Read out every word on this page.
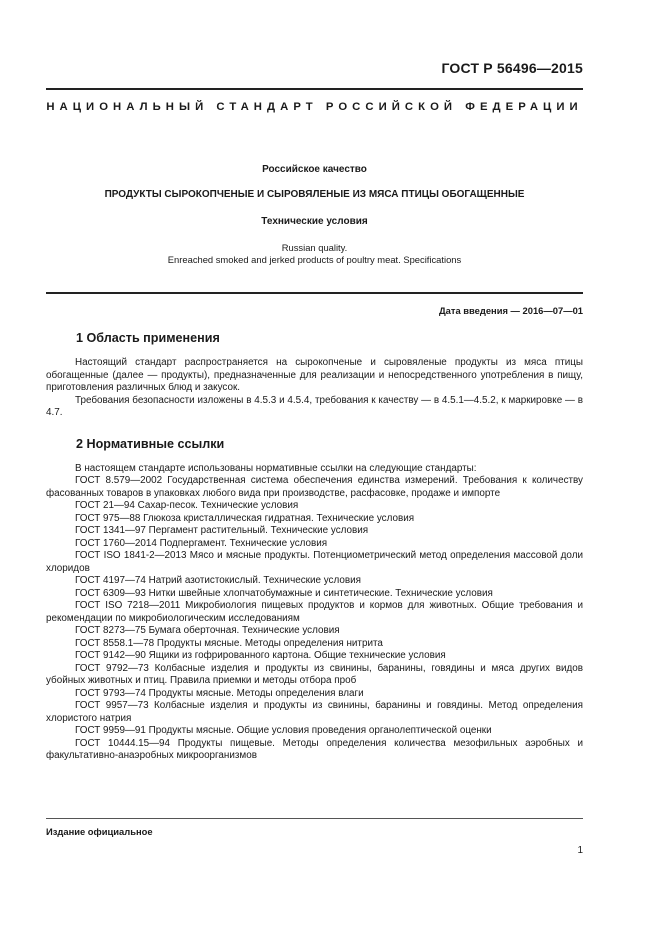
ГОСТ Р 56496—2015
НАЦИОНАЛЬНЫЙ СТАНДАРТ РОССИЙСКОЙ ФЕДЕРАЦИИ
Российское качество
ПРОДУКТЫ СЫРОКОПЧЕНЫЕ И СЫРОВЯЛЕНЫЕ ИЗ МЯСА ПТИЦЫ ОБОГАЩЕННЫЕ
Технические условия
Russian quality.
Enreached smoked and jerked products of poultry meat. Specifications
Дата введения — 2016—07—01
1 Область применения

Настоящий стандарт распространяется на сырокопченые и сыровяленые продукты из мяса птицы обогащенные (далее — продукты), предназначенные для реализации и непосредственного употребления в пищу, приготовления различных блюд и закусок.

Требования безопасности изложены в 4.5.3 и 4.5.4, требования к качеству — в 4.5.1—4.5.2, к маркировке — в 4.7.

2 Нормативные ссылки

В настоящем стандарте использованы нормативные ссылки на следующие стандарты:

ГОСТ 8.579—2002 Государственная система обеспечения единства измерений. Требования к количеству фасованных товаров в упаковках любого вида при производстве, расфасовке, продаже и импорте

ГОСТ 21—94 Сахар-песок. Технические условия

ГОСТ 975—88 Глюкоза кристаллическая гидратная. Технические условия

ГОСТ 1341—97 Пергамент растительный. Технические условия

ГОСТ 1760—2014 Подпергамент. Технические условия

ГОСТ ISO 1841-2—2013 Мясо и мясные продукты. Потенциометрический метод определения массовой доли хлоридов

ГОСТ 4197—74 Натрий азотистокислый. Технические условия

ГОСТ 6309—93 Нитки швейные хлопчатобумажные и синтетические. Технические условия

ГОСТ ISO 7218—2011 Микробиология пищевых продуктов и кормов для животных. Общие требования и рекомендации по микробиологическим исследованиям

ГОСТ 8273—75 Бумага оберточная. Технические условия

ГОСТ 8558.1—78 Продукты мясные. Методы определения нитрита

ГОСТ 9142—90 Ящики из гофрированного картона. Общие технические условия

ГОСТ 9792—73 Колбасные изделия и продукты из свинины, баранины, говядины и мяса других видов убойных животных и птиц. Правила приемки и методы отбора проб

ГОСТ 9793—74 Продукты мясные. Методы определения влаги

ГОСТ 9957—73 Колбасные изделия и продукты из свинины, баранины и говядины. Метод определения хлористого натрия

ГОСТ 9959—91 Продукты мясные. Общие условия проведения органолептической оценки

ГОСТ 10444.15—94 Продукты пищевые. Методы определения количества мезофильных аэробных и факультативно-анаэробных микроорганизмов

Издание официальное
1
